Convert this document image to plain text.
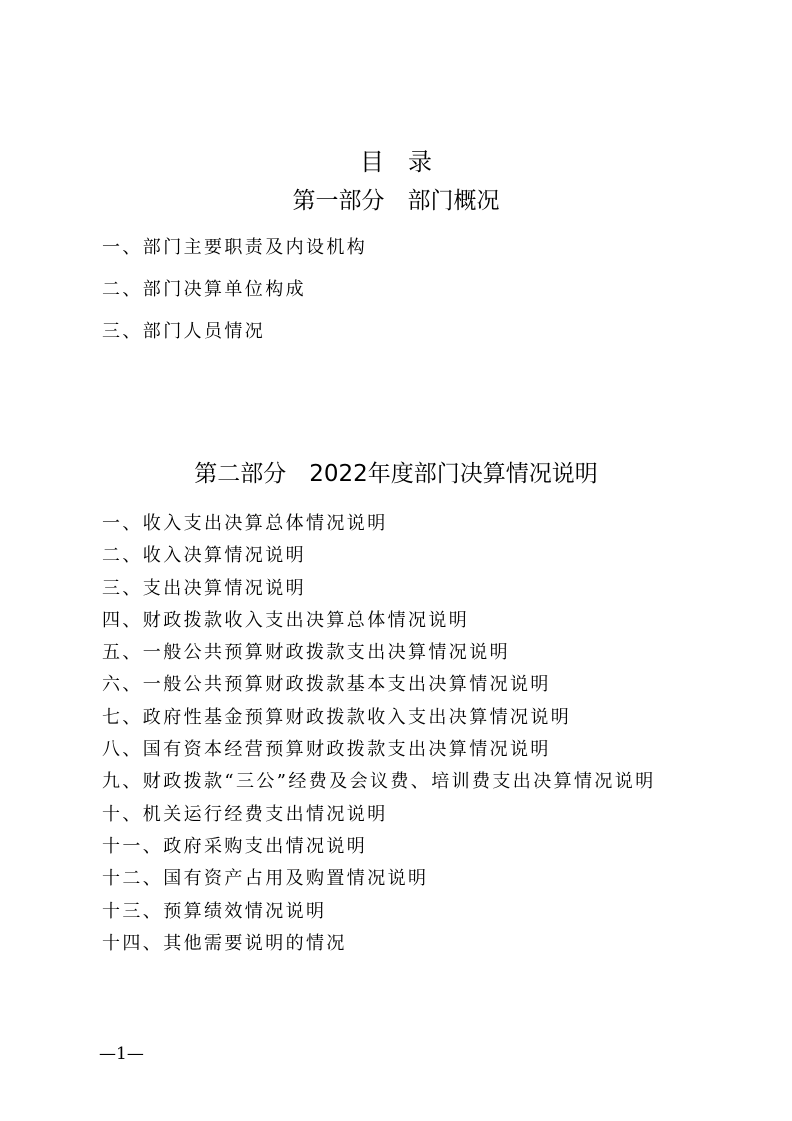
目　录
第一部分　部门概况
一、部门主要职责及内设机构
二、部门决算单位构成
三、部门人员情况
第二部分　2022年度部门决算情况说明
一、收入支出决算总体情况说明
二、收入决算情况说明
三、支出决算情况说明
四、财政拨款收入支出决算总体情况说明
五、一般公共预算财政拨款支出决算情况说明
六、一般公共预算财政拨款基本支出决算情况说明
七、政府性基金预算财政拨款收入支出决算情况说明
八、国有资本经营预算财政拨款支出决算情况说明
九、财政拨款“三公”经费及会议费、培训费支出决算情况说明
十、机关运行经费支出情况说明
十一、政府采购支出情况说明
十二、国有资产占用及购置情况说明
十三、预算绩效情况说明
十四、其他需要说明的情况
—1—
